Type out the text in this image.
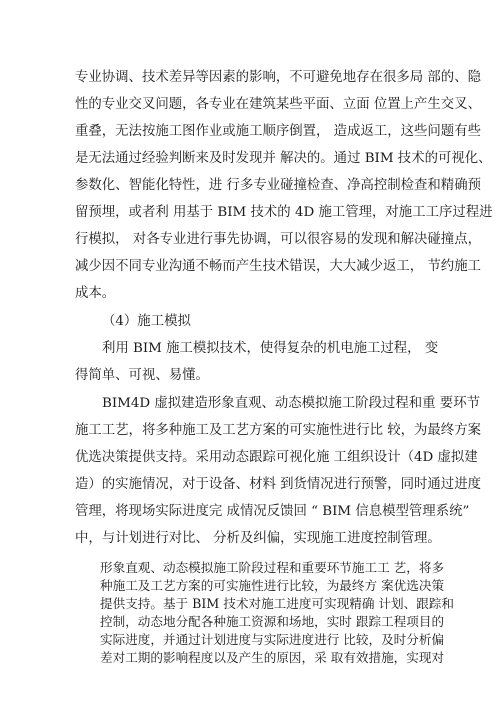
专业协调、技术差异等因素的影响，不可避免地存在很多局 部的、隐
性的专业交叉问题，各专业在建筑某些平面、立面 位置上产生交叉、
重叠，无法按施工图作业或施工顺序倒置， 造成返工，这些问题有些
是无法通过经验判断来及时发现并 解决的。通过 BIM 技术的可视化、
参数化、智能化特性，进 行多专业碰撞检查、净高控制检查和精确预
留预埋，或者利 用基于 BIM 技术的 4D 施工管理，对施工工序过程进
行模拟， 对各专业进行事先协调，可以很容易的发现和解决碰撞点，
减少因不同专业沟通不畅而产生技术错误，大大减少返工， 节约施工
成本。
（4）施工模拟
利用 BIM 施工模拟技术，使得复杂的机电施工过程， 变
得简单、可视、易懂。
BIM4D 虚拟建造形象直观、动态模拟施工阶段过程和重 要环节
施工工艺，将多种施工及工艺方案的可实施性进行比 较，为最终方案
优选决策提供支持。采用动态跟踪可视化施 工组织设计（4D 虚拟建
造）的实施情况，对于设备、材料 到货情况进行预警，同时通过进度
管理，将现场实际进度完 成情况反馈回 “ BIM 信息模型管理系统”
中，与计划进行对比、 分析及纠偏，实现施工进度控制管理。
形象直观、动态模拟施工阶段过程和重要环节施工工 艺，将多
种施工及工艺方案的可实施性进行比较，为最终方 案优选决策
提供支持。基于 BIM 技术对施工进度可实现精确 计划、跟踪和
控制，动态地分配各种施工资源和场地，实时 跟踪工程项目的
实际进度，并通过计划进度与实际进度进行 比较，及时分析偏
差对工期的影响程度以及产生的原因，采 取有效措施，实现对
